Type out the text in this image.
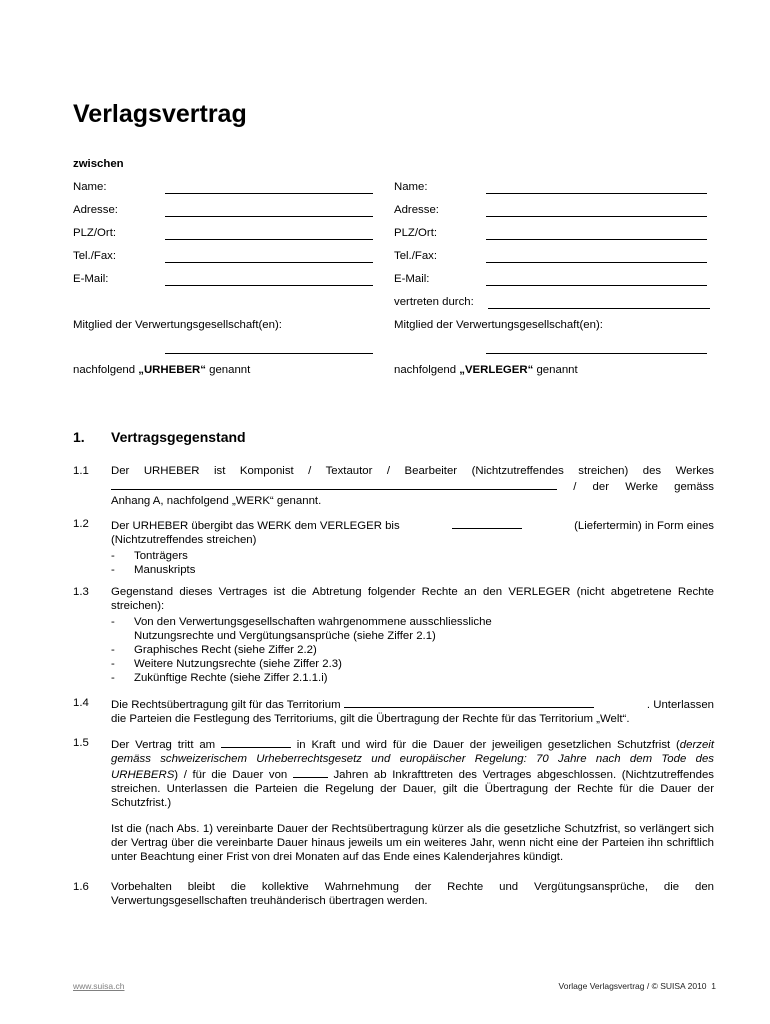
Verlagsvertrag
zwischen
Name:
Adresse:
PLZ/Ort:
Tel./Fax:
E-Mail:
Mitglied der Verwertungsgesellschaft(en):
nachfolgend „URHEBER“ genannt
Name:
Adresse:
PLZ/Ort:
Tel./Fax:
E-Mail:
vertreten durch:
Mitglied der Verwertungsgesellschaft(en):
nachfolgend „VERLEGER“ genannt
1. Vertragsgegenstand
1.1 Der URHEBER ist Komponist / Textautor / Bearbeiter (Nichtzutreffendes streichen) des Werkes
/ der Werke gemäss
Anhang A, nachfolgend „WERK“ genannt.
1.2 Der URHEBER übergibt das WERK dem VERLEGER bis	(Liefertermin) in Form eines
(Nichtzutreffendes streichen)
- Tonträgers
- Manuskripts
1.3 Gegenstand dieses Vertrages ist die Abtretung folgender Rechte an den VERLEGER (nicht abgetretene Rechte streichen):

- Von den Verwertungsgesellschaften wahrgenommene ausschliessliche Nutzungsrechte und Vergütungsansprüche (siehe Ziffer 2.1)
- Graphisches Recht (siehe Ziffer 2.2)
- Weitere Nutzungsrechte (siehe Ziffer 2.3)
- Zukünftige Rechte (siehe Ziffer 2.1.1.i)
1.4 Die Rechtsübertragung gilt für das Territorium	. Unterlassen
die Parteien die Festlegung des Territoriums, gilt die Übertragung der Rechte für das Territorium „Welt“.
1.5 Der Vertrag tritt am	in Kraft und wird für die Dauer der jeweiligen gesetzlichen Schutzfrist (derzeit gemäss schweizerischem Urheberrechtsgesetz und europäischer Regelung: 70 Jahre nach dem Tode des URHEBERS) / für die Dauer von	Jahren ab Inkrafttreten des Vertrages abgeschlossen. (Nichtzutreffendes streichen. Unterlassen die Parteien die Regelung der Dauer, gilt die Übertragung der Rechte für die Dauer der Schutzfrist.)

Ist die (nach Abs. 1) vereinbarte Dauer der Rechtsübertragung kürzer als die gesetzliche Schutzfrist, so verlängert sich der Vertrag über die vereinbarte Dauer hinaus jeweils um ein weiteres Jahr, wenn nicht eine der Parteien ihn schriftlich unter Beachtung einer Frist von drei Monaten auf das Ende eines Kalenderjahres kündigt.

1.6 Vorbehalten bleibt die kollektive Wahrnehmung der Rechte und Vergütungsansprüche, die den Verwertungsgesellschaften treuhänderisch übertragen werden.

www.suisa.ch	Vorlage Verlagsvertrag / © SUISA 2010 1
